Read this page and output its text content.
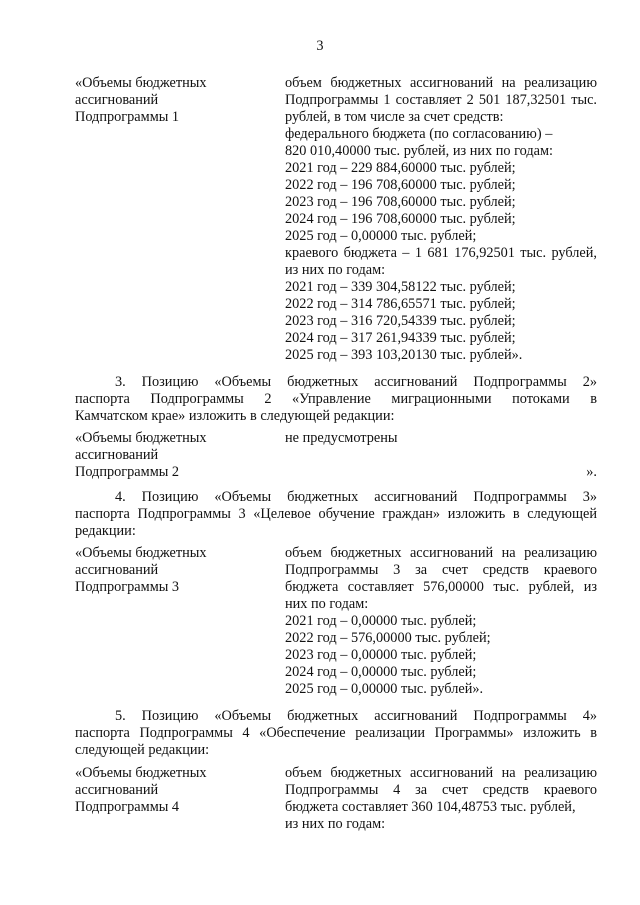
3
«Объемы бюджетных
ассигнований
Подпрограммы 1
объем бюджетных ассигнований на реализацию
Подпрограммы 1 составляет 2 501 187,32501 тыс.
рублей, в том числе за счет средств:
федерального бюджета (по согласованию) –
820 010,40000 тыс. рублей, из них по годам:
2021 год – 229 884,60000 тыс. рублей;
2022 год – 196 708,60000 тыс. рублей;
2023 год – 196 708,60000 тыс. рублей;
2024 год – 196 708,60000 тыс. рублей;
2025 год – 0,00000 тыс. рублей;
краевого бюджета – 1 681 176,92501 тыс. рублей,
из них по годам:
2021 год – 339 304,58122 тыс. рублей;
2022 год – 314 786,65571 тыс. рублей;
2023 год – 316 720,54339 тыс. рублей;
2024 год – 317 261,94339 тыс. рублей;
2025 год – 393 103,20130 тыс. рублей».
3. Позицию «Объемы бюджетных ассигнований Подпрограммы 2»
паспорта Подпрограммы 2 «Управление миграционными потоками в
Камчатском крае» изложить в следующей редакции:
«Объемы бюджетных
ассигнований
Подпрограммы 2
не предусмотрены
».
4. Позицию «Объемы бюджетных ассигнований Подпрограммы 3»
паспорта Подпрограммы 3 «Целевое обучение граждан» изложить в следующей
редакции:
«Объемы бюджетных
ассигнований
Подпрограммы 3
объем бюджетных ассигнований на реализацию
Подпрограммы 3 за счет средств краевого
бюджета составляет 576,00000 тыс. рублей, из
них по годам:
2021 год – 0,00000 тыс. рублей;
2022 год – 576,00000 тыс. рублей;
2023 год – 0,00000 тыс. рублей;
2024 год – 0,00000 тыс. рублей;
2025 год – 0,00000 тыс. рублей».
5. Позицию «Объемы бюджетных ассигнований Подпрограммы 4»
паспорта Подпрограммы 4 «Обеспечение реализации Программы» изложить в
следующей редакции:
«Объемы бюджетных
ассигнований
Подпрограммы 4
объем бюджетных ассигнований на реализацию
Подпрограммы 4 за счет средств краевого
бюджета составляет 360 104,48753 тыс. рублей,
из них по годам:
